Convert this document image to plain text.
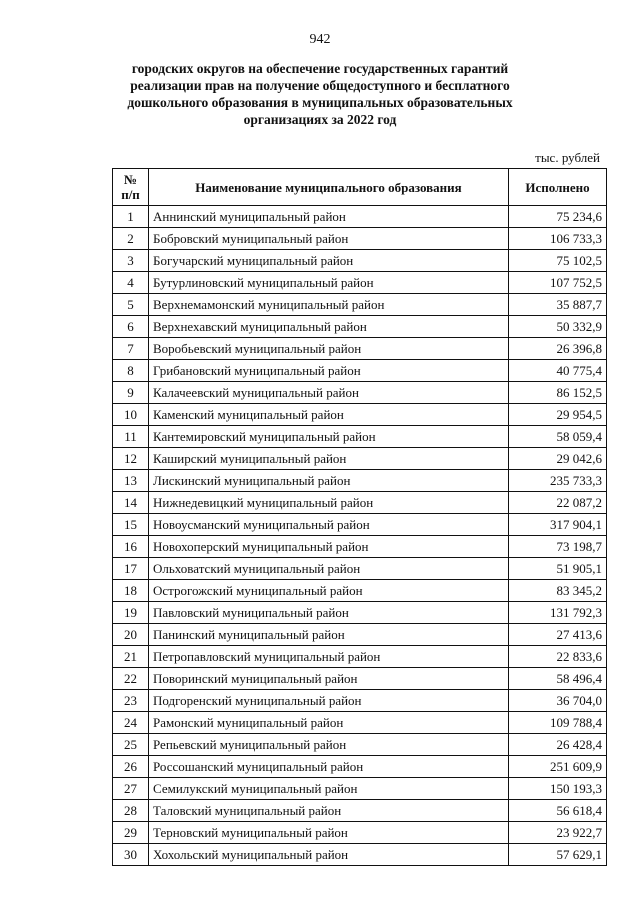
942
городских округов на обеспечение государственных гарантий
реализации прав на получение общедоступного и бесплатного
дошкольного образования в муниципальных образовательных
организациях за 2022 год
тыс. рублей
№
п/п	Наименование муниципального образования	Исполнено
1	Аннинский муниципальный район	75 234,6
2	Бобровский муниципальный район	106 733,3
3	Богучарский муниципальный район	75 102,5
4	Бутурлиновский муниципальный район	107 752,5
5	Верхнемамонский муниципальный район	35 887,7
6	Верхнехавский муниципальный район	50 332,9
7	Воробьевский муниципальный район	26 396,8
8	Грибановский муниципальный район	40 775,4
9	Калачеевский муниципальный район	86 152,5
10	Каменский муниципальный район	29 954,5
11	Кантемировский муниципальный район	58 059,4
12	Каширский муниципальный район	29 042,6
13	Лискинский муниципальный район	235 733,3
14	Нижнедевицкий муниципальный район	22 087,2
15	Новоусманский муниципальный район	317 904,1
16	Новохоперский муниципальный район	73 198,7
17	Ольховатский муниципальный район	51 905,1
18	Острогожский муниципальный район	83 345,2
19	Павловский муниципальный район	131 792,3
20	Панинский муниципальный район	27 413,6
21	Петропавловский муниципальный район	22 833,6
22	Поворинский муниципальный район	58 496,4
23	Подгоренский муниципальный район	36 704,0
24	Рамонский муниципальный район	109 788,4
25	Репьевский муниципальный район	26 428,4
26	Россошанский муниципальный район	251 609,9
27	Семилукский муниципальный район	150 193,3
28	Таловский муниципальный район	56 618,4
29	Терновский муниципальный район	23 922,7
30	Хохольский муниципальный район	57 629,1
